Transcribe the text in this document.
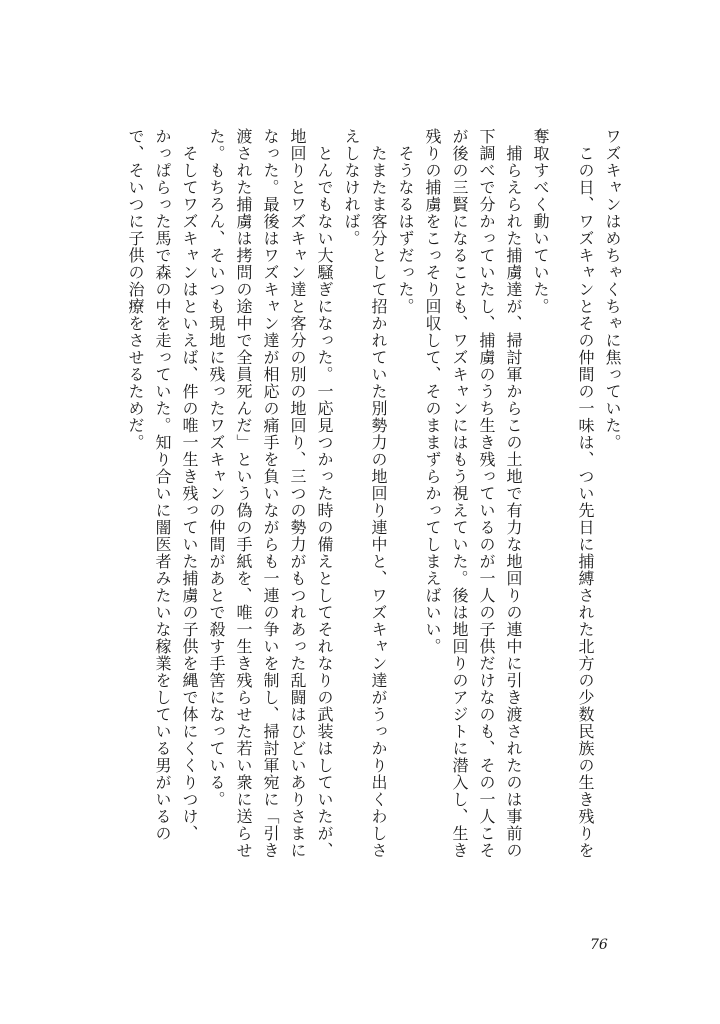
ワズキャンはめちゃくちゃに焦っていた。
　この日、ワズキャンとその仲間の一味は、つい先日に捕縛された北方の少数民族の生き残りを
奪取すべく動いていた。
　捕らえられた捕虜達が、掃討軍からこの土地で有力な地回りの連中に引き渡されたのは事前の
下調べで分かっていたし、捕虜のうち生き残っているのが一人の子供だけなのも、その一人こそ
が後の三賢になることも、ワズキャンにはもう視えていた。後は地回りのアジトに潜入し、生き
残りの捕虜をこっそり回収して、そのままずらかってしまえばいい。
　そうなるはずだった。
　たまたま客分として招かれていた別勢力の地回り連中と、ワズキャン達がうっかり出くわしさ
えしなければ。
　とんでもない大騒ぎになった。一応見つかった時の備えとしてそれなりの武装はしていたが、
地回りとワズキャン達と客分の別の地回り、三つの勢力がもつれあった乱闘はひどいありさまに
なった。最後はワズキャン達が相応の痛手を負いながらも一連の争いを制し、掃討軍宛に「引き
渡された捕虜は拷問の途中で全員死んだ」という偽の手紙を、唯一生き残らせた若い衆に送らせ
た。もちろん、そいつも現地に残ったワズキャンの仲間があとで殺す手筈になっている。
　そしてワズキャンはといえば、件の唯一生き残っていた捕虜の子供を縄で体にくくりつけ、
かっぱらった馬で森の中を走っていた。知り合いに闇医者みたいな稼業をしている男がいるの
で、そいつに子供の治療をさせるためだ。
76
